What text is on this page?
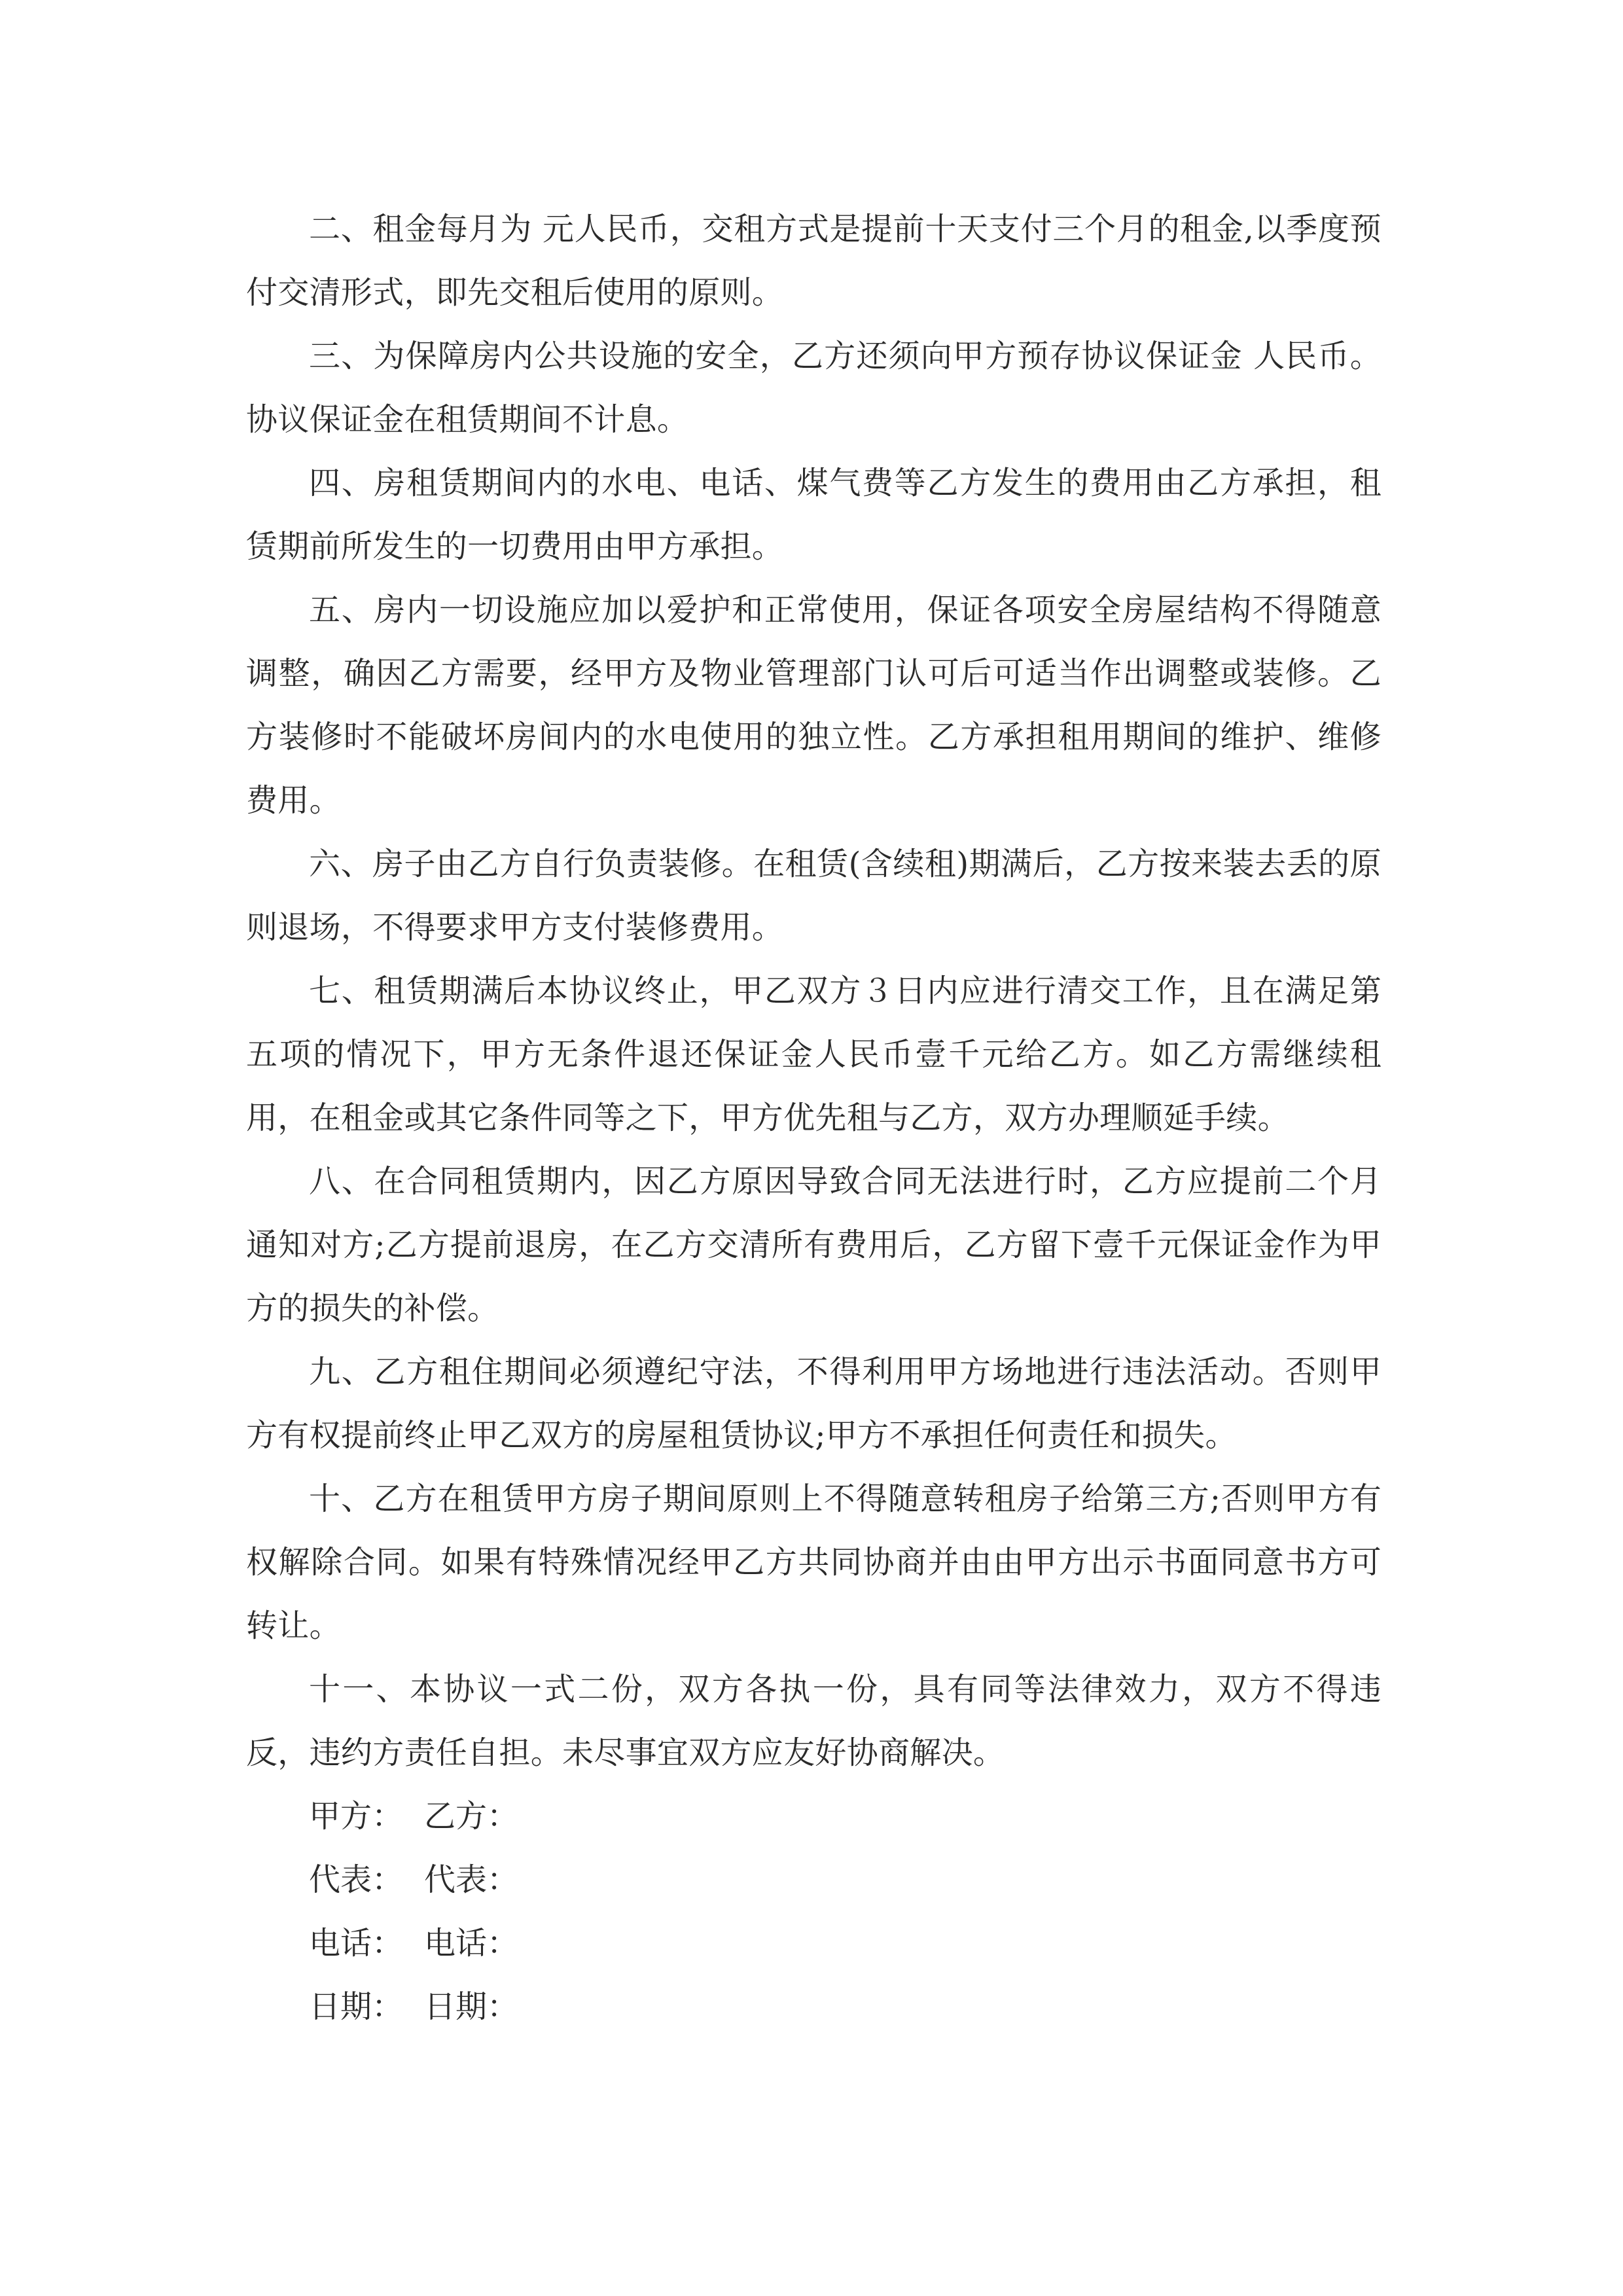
二、租金每月为 元人民币，交租方式是提前十天支付三个月的租金,以季度预付交清形式，即先交租后使用的原则。

三、为保障房内公共设施的安全，乙方还须向甲方预存协议保证金 人民币。协议保证金在租赁期间不计息。

四、房租赁期间内的水电、电话、煤气费等乙方发生的费用由乙方承担，租赁期前所发生的一切费用由甲方承担。

五、房内一切设施应加以爱护和正常使用，保证各项安全房屋结构不得随意调整，确因乙方需要，经甲方及物业管理部门认可后可适当作出调整或装修。乙方装修时不能破坏房间内的水电使用的独立性。乙方承担租用期间的维护、维修费用。

六、房子由乙方自行负责装修。在租赁(含续租)期满后，乙方按来装去丢的原则退场，不得要求甲方支付装修费用。

七、租赁期满后本协议终止，甲乙双方３日内应进行清交工作，且在满足第五项的情况下，甲方无条件退还保证金人民币壹千元给乙方。如乙方需继续租用，在租金或其它条件同等之下，甲方优先租与乙方，双方办理顺延手续。

八、在合同租赁期内，因乙方原因导致合同无法进行时，乙方应提前二个月通知对方;乙方提前退房，在乙方交清所有费用后，乙方留下壹千元保证金作为甲方的损失的补偿。

九、乙方租住期间必须遵纪守法，不得利用甲方场地进行违法活动。否则甲方有权提前终止甲乙双方的房屋租赁协议;甲方不承担任何责任和损失。

十、乙方在租赁甲方房子期间原则上不得随意转租房子给第三方;否则甲方有权解除合同。如果有特殊情况经甲乙方共同协商并由由甲方出示书面同意书方可转让。

十一、本协议一式二份，双方各执一份，具有同等法律效力，双方不得违反，违约方责任自担。未尽事宜双方应友好协商解决。

甲方： 乙方：
代表： 代表：
电话： 电话：
日期： 日期：
